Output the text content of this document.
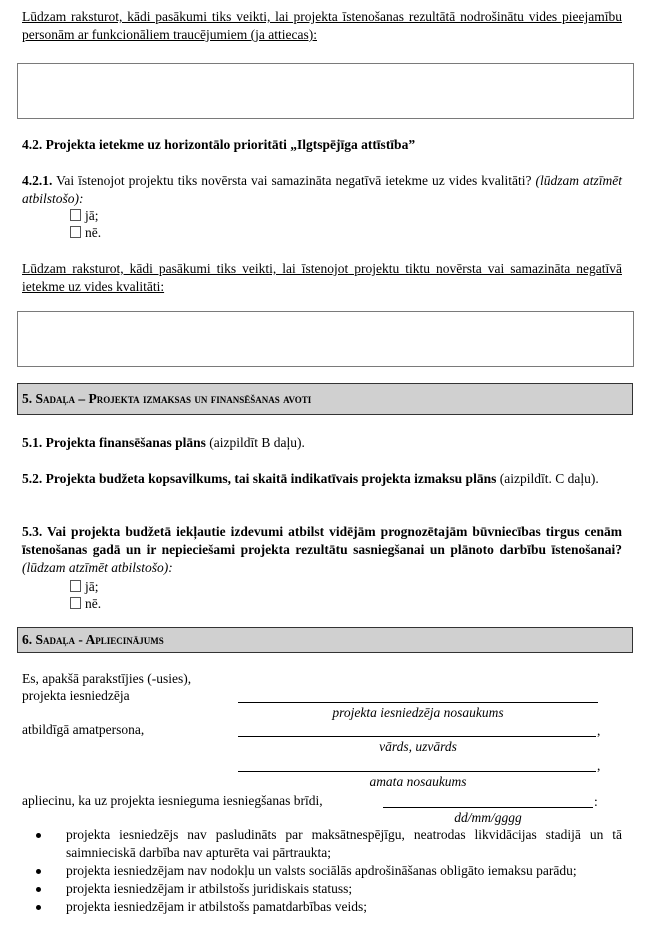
Lūdzam raksturot, kādi pasākumi tiks veikti, lai projekta īstenošanas rezultātā nodrošinātu vides pieejamību personām ar funkcionāliem traucējumiem (ja attiecas):
4.2. Projekta ietekme uz horizontālo prioritāti „Ilgtspējīga attīstība”
4.2.1. Vai īstenojot projektu tiks novērsta vai samazināta negatīvā ietekme uz vides kvalitāti? (lūdzam atzīmēt atbilstošo):
jā;
nē.
Lūdzam raksturot, kādi pasākumi tiks veikti, lai īstenojot projektu tiktu novērsta vai samazināta negatīvā ietekme uz vides kvalitāti:
5. Sadaļa – Projekta izmaksas un finansēšanas avoti
5.1. Projekta finansēšanas plāns (aizpildīt B daļu).
5.2. Projekta budžeta kopsavilkums, tai skaitā indikatīvais projekta izmaksu plāns (aizpildīt. C daļu).
5.3. Vai projekta budžetā iekļautie izdevumi atbilst vidējām prognozētajām būvniecības tirgus cenām īstenošanas gadā un ir nepieciešami projekta rezultātu sasniegšanai un plānoto darbību īstenošanai? (lūdzam atzīmēt atbilstošo):
jā;
nē.
6. Sadaļa - Apliecinājums
Es, apakšā parakstījies (-usies),
projekta iesniedzēja
projekta iesniedzēja nosaukums
atbildīgā amatpersona,	,
vārds, uzvārds
,
amata nosaukums
apliecinu, ka uz projekta iesnieguma iesniegšanas brīdi,	:
dd/mm/gggg
projekta iesniedzējs nav pasludināts par maksātnespējīgu, neatrodas likvidācijas stadijā un tā saimnieciskā darbība nav apturēta vai pārtraukta;
projekta iesniedzējam nav nodokļu un valsts sociālās apdrošināšanas obligāto iemaksu parādu;
projekta iesniedzējam ir atbilstošs juridiskais statuss;
projekta iesniedzējam ir atbilstošs pamatdarbības veids;
